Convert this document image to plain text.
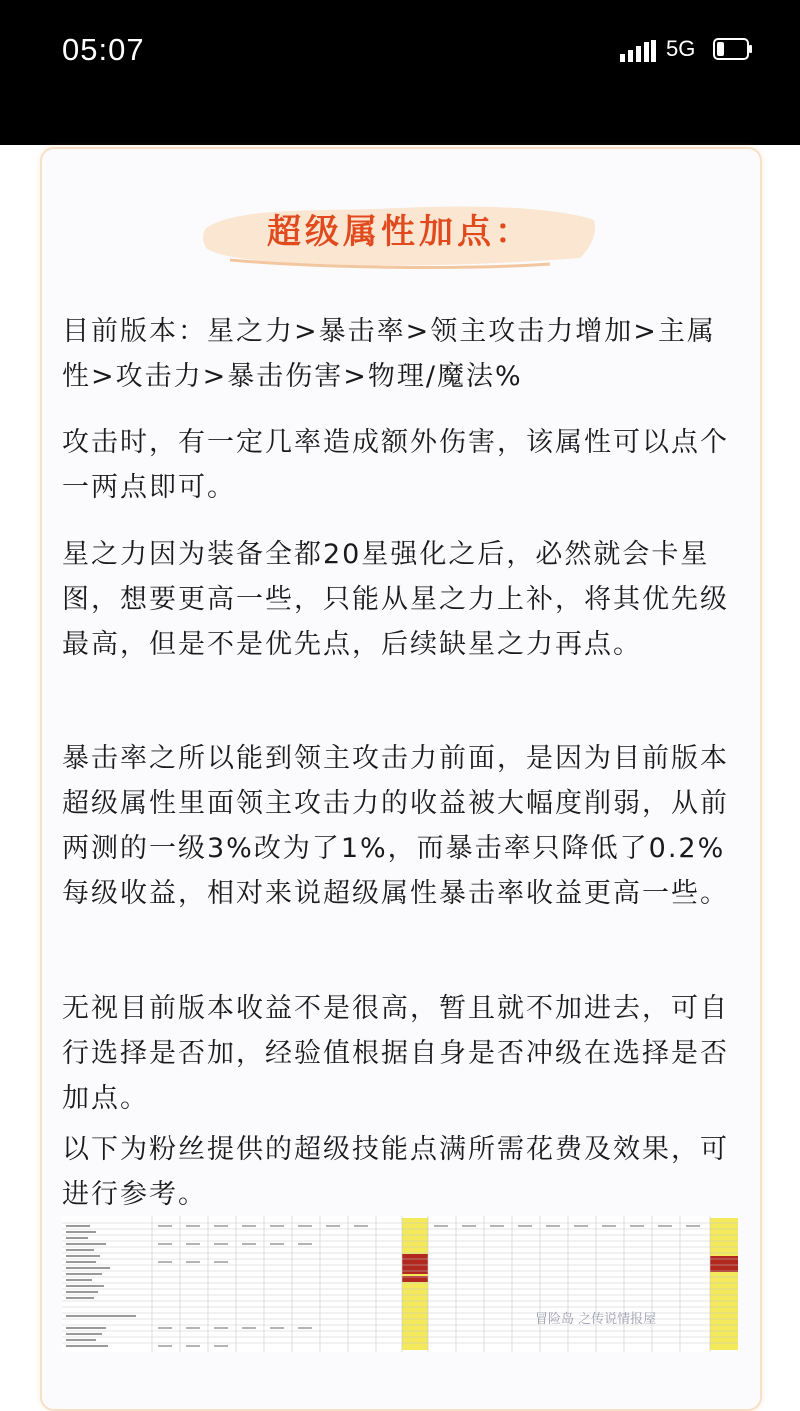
05:07	5G
超级属性加点：

目前版本：星之力>暴击率>领主攻击力增加>主属性>攻击力>暴击伤害>物理/魔法%

攻击时，有一定几率造成额外伤害，该属性可以点个一两点即可。

星之力因为装备全都20星强化之后，必然就会卡星图，想要更高一些，只能从星之力上补，将其优先级最高，但是不是优先点，后续缺星之力再点。

暴击率之所以能到领主攻击力前面，是因为目前版本超级属性里面领主攻击力的收益被大幅度削弱，从前两测的一级3%改为了1%，而暴击率只降低了0.2%每级收益，相对来说超级属性暴击率收益更高一些。

无视目前版本收益不是很高，暂且就不加进去，可自行选择是否加，经验值根据自身是否冲级在选择是否加点。

以下为粉丝提供的超级技能点满所需花费及效果，可进行参考。

冒险岛 之传说情报屋
